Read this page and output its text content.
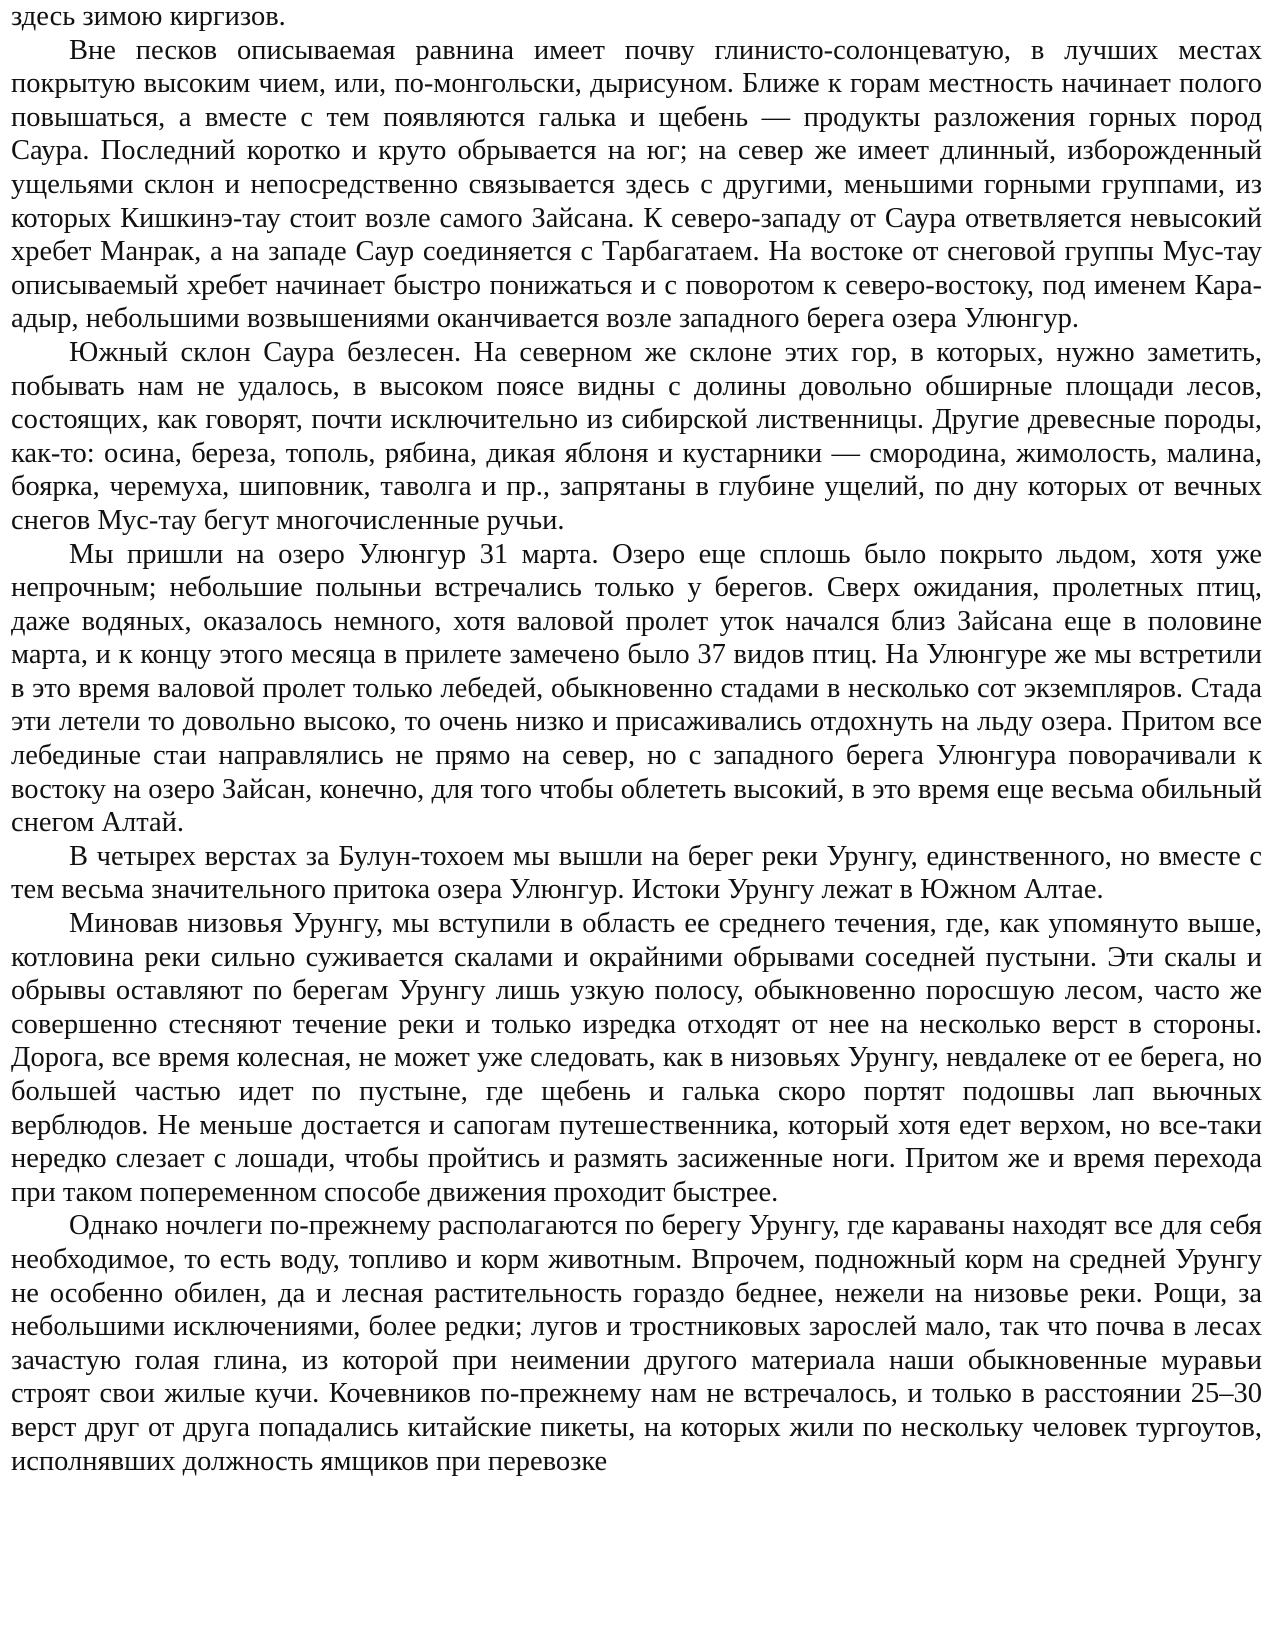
здесь зимою киргизов.

Вне песков описываемая равнина имеет почву глинисто-солонцеватую, в лучших местах покрытую высоким чием, или, по-монгольски, дырисуном. Ближе к горам местность начинает полого повышаться, а вместе с тем появляются галька и щебень — продукты разложения горных пород Саура. Последний коротко и круто обрывается на юг; на север же имеет длинный, изборожденный ущельями склон и непосредственно связывается здесь с другими, меньшими горными группами, из которых Кишкинэ-тау стоит возле самого Зайсана. К северо-западу от Саура ответвляется невысокий хребет Манрак, а на западе Саур соединяется с Тарбагатаем. На востоке от снеговой группы Мус-тау описываемый хребет начинает быстро понижаться и с поворотом к северо-востоку, под именем Кара-адыр, небольшими возвышениями оканчивается возле западного берега озера Улюнгур.

Южный склон Саура безлесен. На северном же склоне этих гор, в которых, нужно заметить, побывать нам не удалось, в высоком поясе видны с долины довольно обширные площади лесов, состоящих, как говорят, почти исключительно из сибирской лиственницы. Другие древесные породы, как-то: осина, береза, тополь, рябина, дикая яблоня и кустарники — смородина, жимолость, малина, боярка, черемуха, шиповник, таволга и пр., запрятаны в глубине ущелий, по дну которых от вечных снегов Мус-тау бегут многочисленные ручьи.

Мы пришли на озеро Улюнгур 31 марта. Озеро еще сплошь было покрыто льдом, хотя уже непрочным; небольшие полыньи встречались только у берегов. Сверх ожидания, пролетных птиц, даже водяных, оказалось немного, хотя валовой пролет уток начался близ Зайсана еще в половине марта, и к концу этого месяца в прилете замечено было 37 видов птиц. На Улюнгуре же мы встретили в это время валовой пролет только лебедей, обыкновенно стадами в несколько сот экземпляров. Стада эти летели то довольно высоко, то очень низко и присаживались отдохнуть на льду озера. Притом все лебединые стаи направлялись не прямо на север, но с западного берега Улюнгура поворачивали к востоку на озеро Зайсан, конечно, для того чтобы облететь высокий, в это время еще весьма обильный снегом Алтай.

В четырех верстах за Булун-тохоем мы вышли на берег реки Урунгу, единственного, но вместе с тем весьма значительного притока озера Улюнгур. Истоки Урунгу лежат в Южном Алтае.

Миновав низовья Урунгу, мы вступили в область ее среднего течения, где, как упомянуто выше, котловина реки сильно суживается скалами и окрайними обрывами соседней пустыни. Эти скалы и обрывы оставляют по берегам Урунгу лишь узкую полосу, обыкновенно поросшую лесом, часто же совершенно стесняют течение реки и только изредка отходят от нее на несколько верст в стороны. Дорога, все время колесная, не может уже следовать, как в низовьях Урунгу, невдалеке от ее берега, но большей частью идет по пустыне, где щебень и галька скоро портят подошвы лап вьючных верблюдов. Не меньше достается и сапогам путешественника, который хотя едет верхом, но все-таки нередко слезает с лошади, чтобы пройтись и размять засиженные ноги. Притом же и время перехода при таком попеременном способе движения проходит быстрее.

Однако ночлеги по-прежнему располагаются по берегу Урунгу, где караваны находят все для себя необходимое, то есть воду, топливо и корм животным. Впрочем, подножный корм на средней Урунгу не особенно обилен, да и лесная растительность гораздо беднее, нежели на низовье реки. Рощи, за небольшими исключениями, более редки; лугов и тростниковых зарослей мало, так что почва в лесах зачастую голая глина, из которой при неимении другого материала наши обыкновенные муравьи строят свои жилые кучи. Кочевников по-прежнему нам не встречалось, и только в расстоянии 25–30 верст друг от друга попадались китайские пикеты, на которых жили по нескольку человек тургоутов, исполнявших должность ямщиков при перевозке
